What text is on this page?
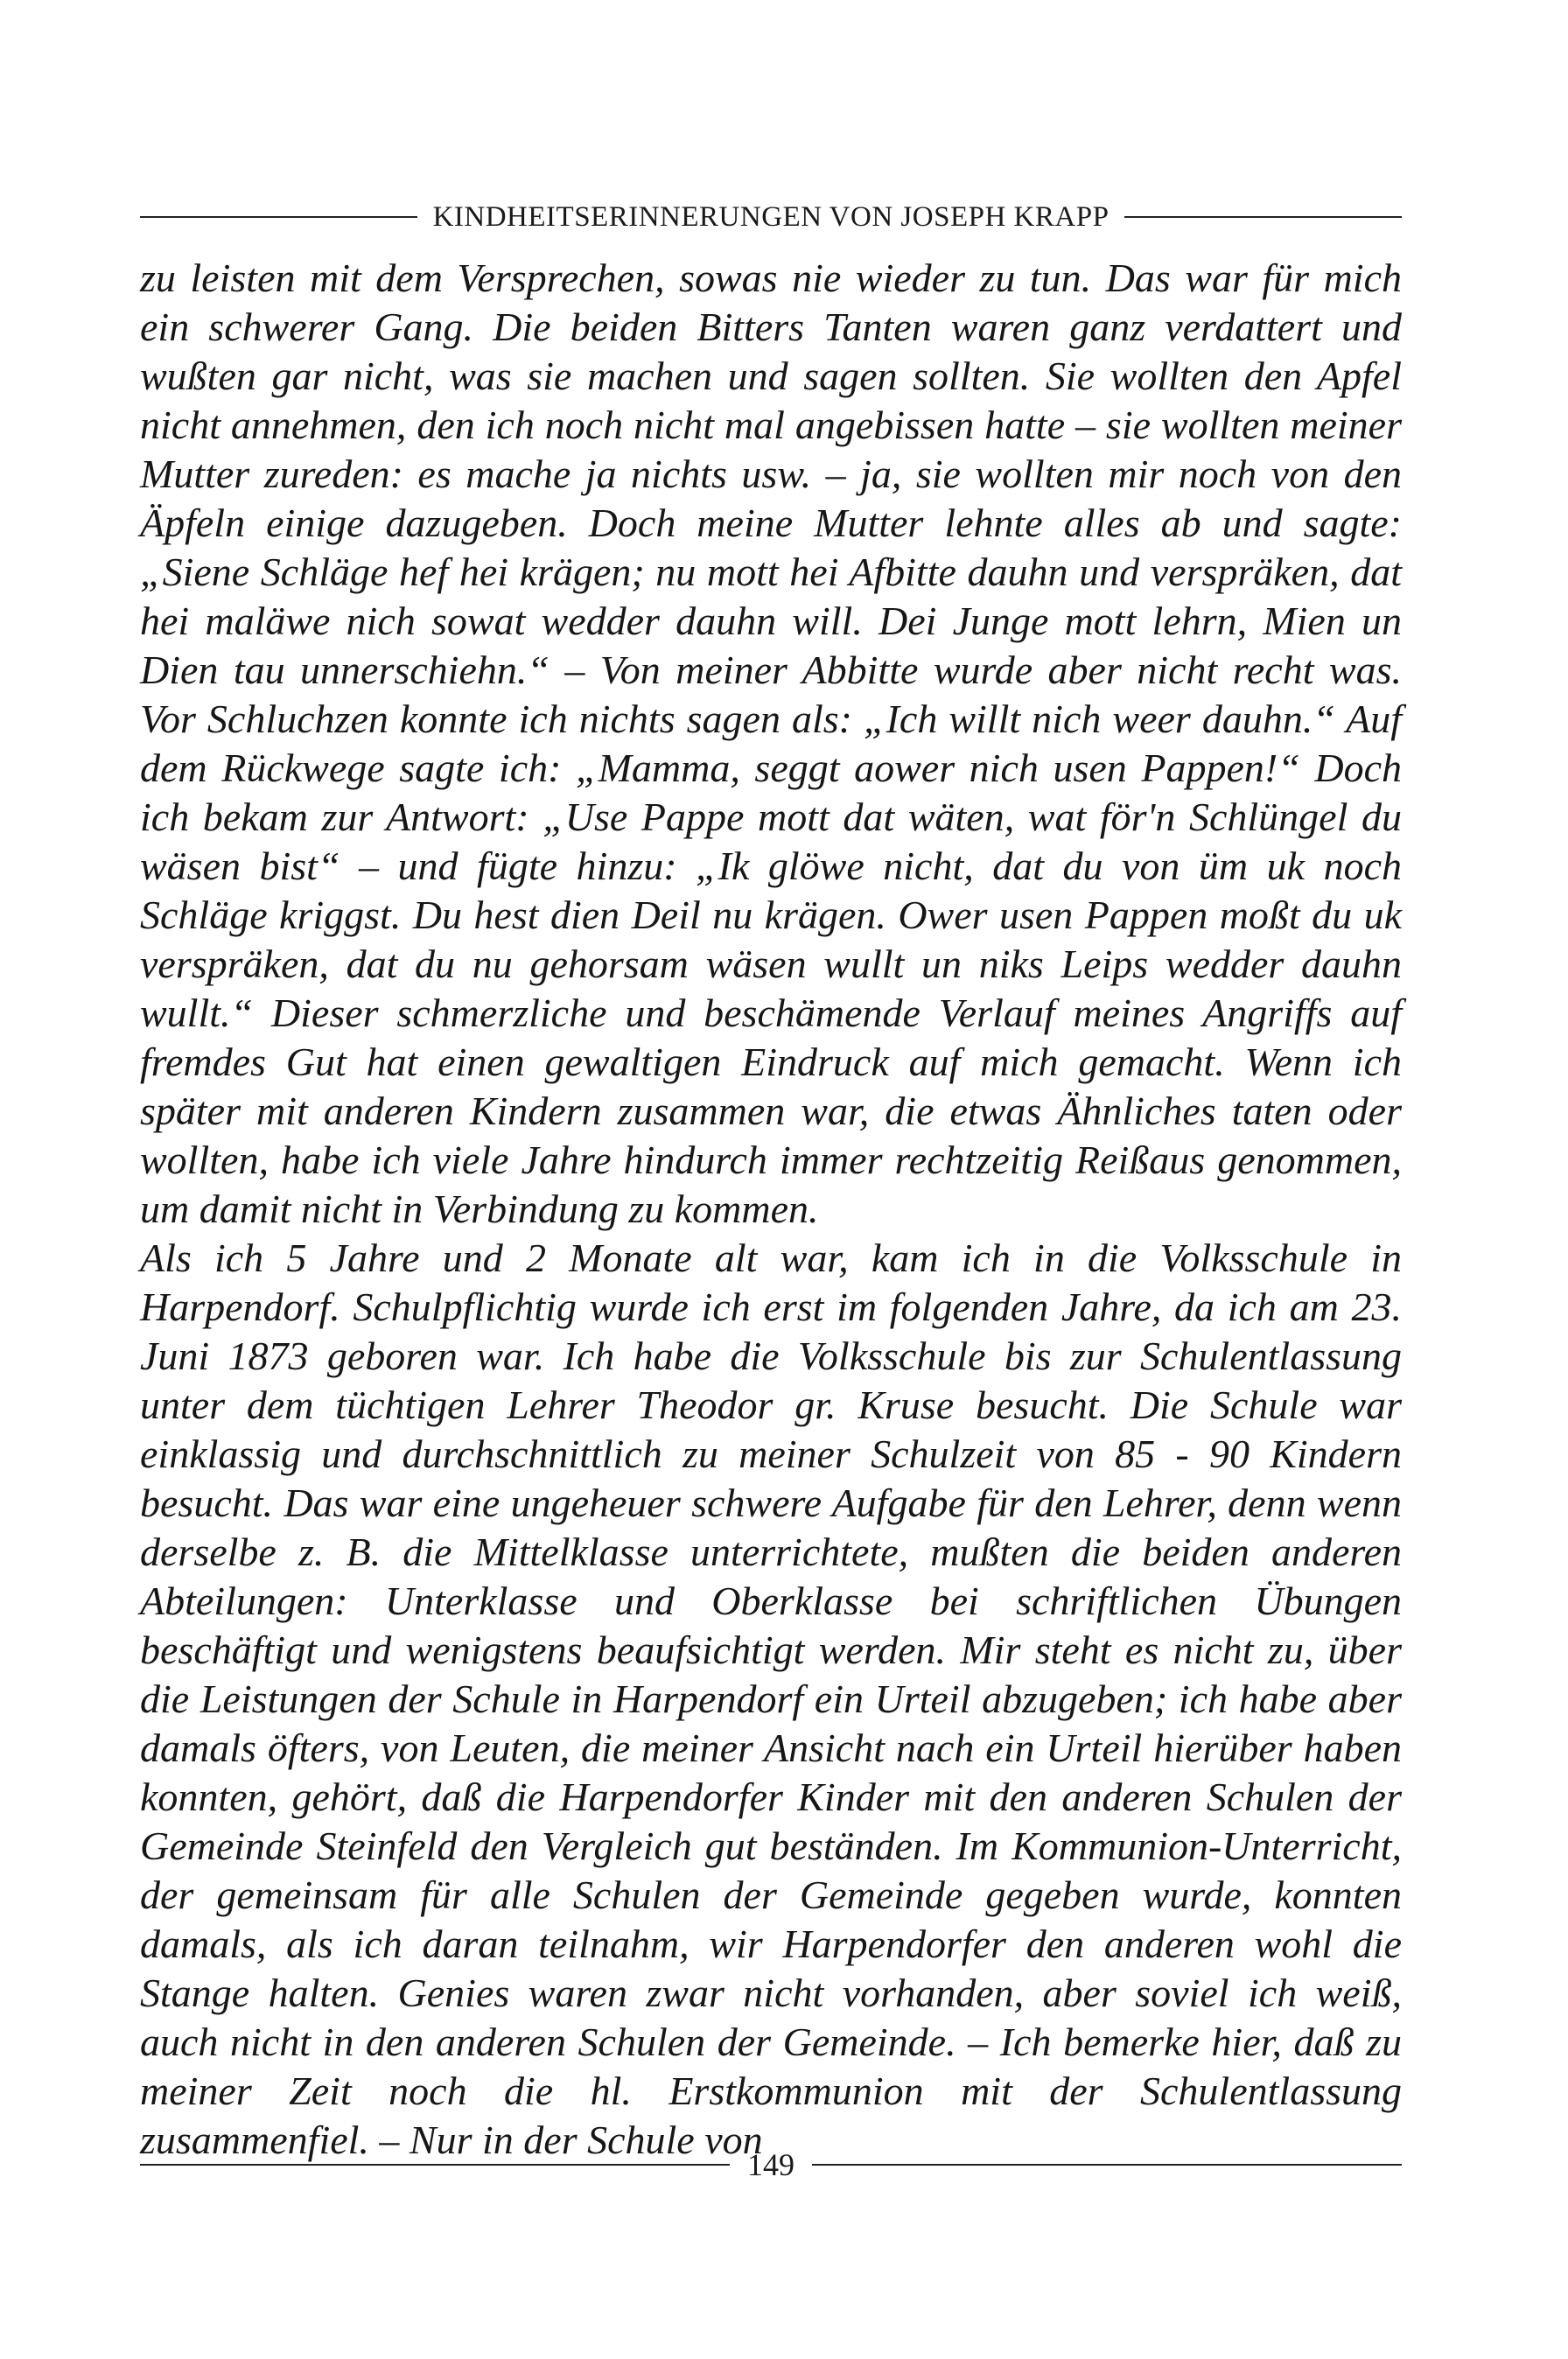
KINDHEITSERINNERUNGEN VON JOSEPH KRAPP

zu leisten mit dem Versprechen, sowas nie wieder zu tun. Das war für mich ein schwerer Gang. Die beiden Bitters Tanten waren ganz verdattert und wußten gar nicht, was sie machen und sagen sollten. Sie wollten den Apfel nicht annehmen, den ich noch nicht mal angebissen hatte – sie wollten meiner Mutter zureden: es mache ja nichts usw. – ja, sie wollten mir noch von den Äpfeln einige dazugeben. Doch meine Mutter lehnte alles ab und sagte: „Siene Schläge hef hei krägen; nu mott hei Afbitte dauhn und verspräken, dat hei maläwe nich sowat wedder dauhn will. Dei Junge mott lehrn, Mien un Dien tau unnerschiehn.“ – Von meiner Abbitte wurde aber nicht recht was. Vor Schluchzen konnte ich nichts sagen als: „Ich willt nich weer dauhn.“ Auf dem Rückwege sagte ich: „Mamma, seggt aower nich usen Pappen!“ Doch ich bekam zur Antwort: „Use Pappe mott dat wäten, wat för'n Schlüngel du wäsen bist“ – und fügte hinzu: „Ik glöwe nicht, dat du von üm uk noch Schläge kriggst. Du hest dien Deil nu krägen. Ower usen Pappen moßt du uk verspräken, dat du nu gehorsam wäsen wullt un niks Leips wedder dauhn wullt.“ Dieser schmerzliche und beschämende Verlauf meines Angriffs auf fremdes Gut hat einen gewaltigen Eindruck auf mich gemacht. Wenn ich später mit anderen Kindern zusammen war, die etwas Ähnliches taten oder wollten, habe ich viele Jahre hindurch immer rechtzeitig Reißaus genommen, um damit nicht in Verbindung zu kommen.

Als ich 5 Jahre und 2 Monate alt war, kam ich in die Volksschule in Harpendorf. Schulpflichtig wurde ich erst im folgenden Jahre, da ich am 23. Juni 1873 geboren war. Ich habe die Volksschule bis zur Schulentlassung unter dem tüchtigen Lehrer Theodor gr. Kruse besucht. Die Schule war einklassig und durchschnittlich zu meiner Schulzeit von 85 - 90 Kindern besucht. Das war eine ungeheuer schwere Aufgabe für den Lehrer, denn wenn derselbe z. B. die Mittelklasse unterrichtete, mußten die beiden anderen Abteilungen: Unterklasse und Oberklasse bei schriftlichen Übungen beschäftigt und wenigstens beaufsichtigt werden. Mir steht es nicht zu, über die Leistungen der Schule in Harpendorf ein Urteil abzugeben; ich habe aber damals öfters, von Leuten, die meiner Ansicht nach ein Urteil hierüber haben konnten, gehört, daß die Harpendorfer Kinder mit den anderen Schulen der Gemeinde Steinfeld den Vergleich gut beständen. Im Kommunion-Unterricht, der gemeinsam für alle Schulen der Gemeinde gegeben wurde, konnten damals, als ich daran teilnahm, wir Harpendorfer den anderen wohl die Stange halten. Genies waren zwar nicht vorhanden, aber soviel ich weiß, auch nicht in den anderen Schulen der Gemeinde. – Ich bemerke hier, daß zu meiner Zeit noch die hl. Erstkommunion mit der Schulentlassung zusammenfiel. – Nur in der Schule von

149
